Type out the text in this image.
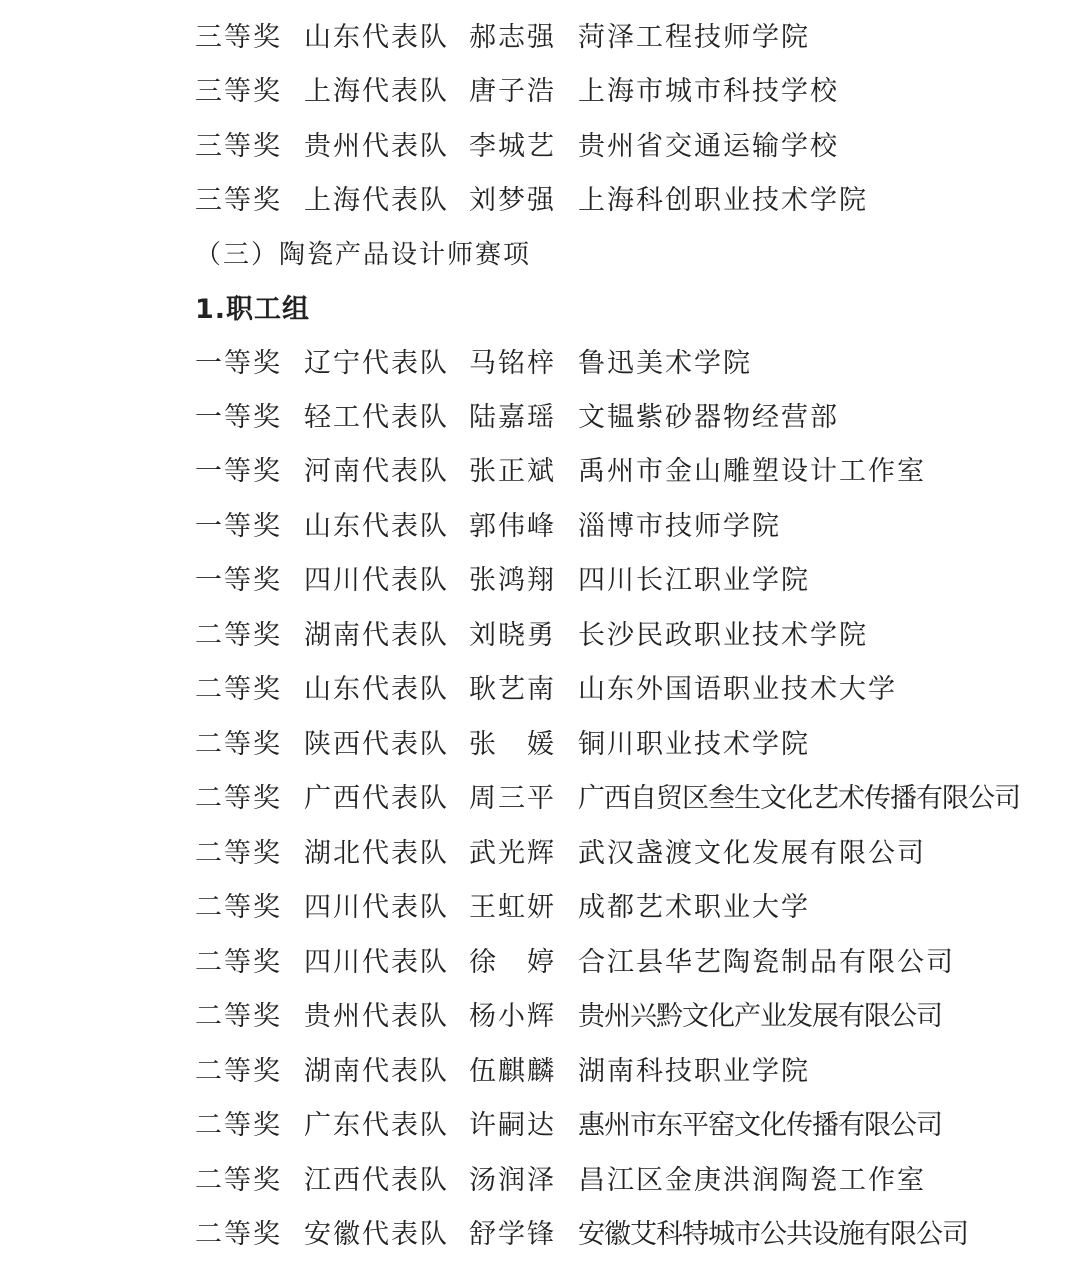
三等奖 山东代表队 郝志强 菏泽工程技师学院
三等奖 上海代表队 唐子浩 上海市城市科技学校
三等奖 贵州代表队 李城艺 贵州省交通运输学校
三等奖 上海代表队 刘梦强 上海科创职业技术学院
（三）陶瓷产品设计师赛项
1.职工组
一等奖 辽宁代表队 马铭梓 鲁迅美术学院
一等奖 轻工代表队 陆嘉瑶 文韫紫砂器物经营部
一等奖 河南代表队 张正斌 禹州市金山雕塑设计工作室
一等奖 山东代表队 郭伟峰 淄博市技师学院
一等奖 四川代表队 张鸿翔 四川长江职业学院
二等奖 湖南代表队 刘晓勇 长沙民政职业技术学院
二等奖 山东代表队 耿艺南 山东外国语职业技术大学
二等奖 陕西代表队 张　媛 铜川职业技术学院
二等奖 广西代表队 周三平 广西自贸区叁生文化艺术传播有限公司
二等奖 湖北代表队 武光辉 武汉盏渡文化发展有限公司
二等奖 四川代表队 王虹妍 成都艺术职业大学
二等奖 四川代表队 徐　婷 合江县华艺陶瓷制品有限公司
二等奖 贵州代表队 杨小辉 贵州兴黔文化产业发展有限公司
二等奖 湖南代表队 伍麒麟 湖南科技职业学院
二等奖 广东代表队 许嗣达 惠州市东平窑文化传播有限公司
二等奖 江西代表队 汤润泽 昌江区金庚洪润陶瓷工作室
二等奖 安徽代表队 舒学锋 安徽艾科特城市公共设施有限公司
